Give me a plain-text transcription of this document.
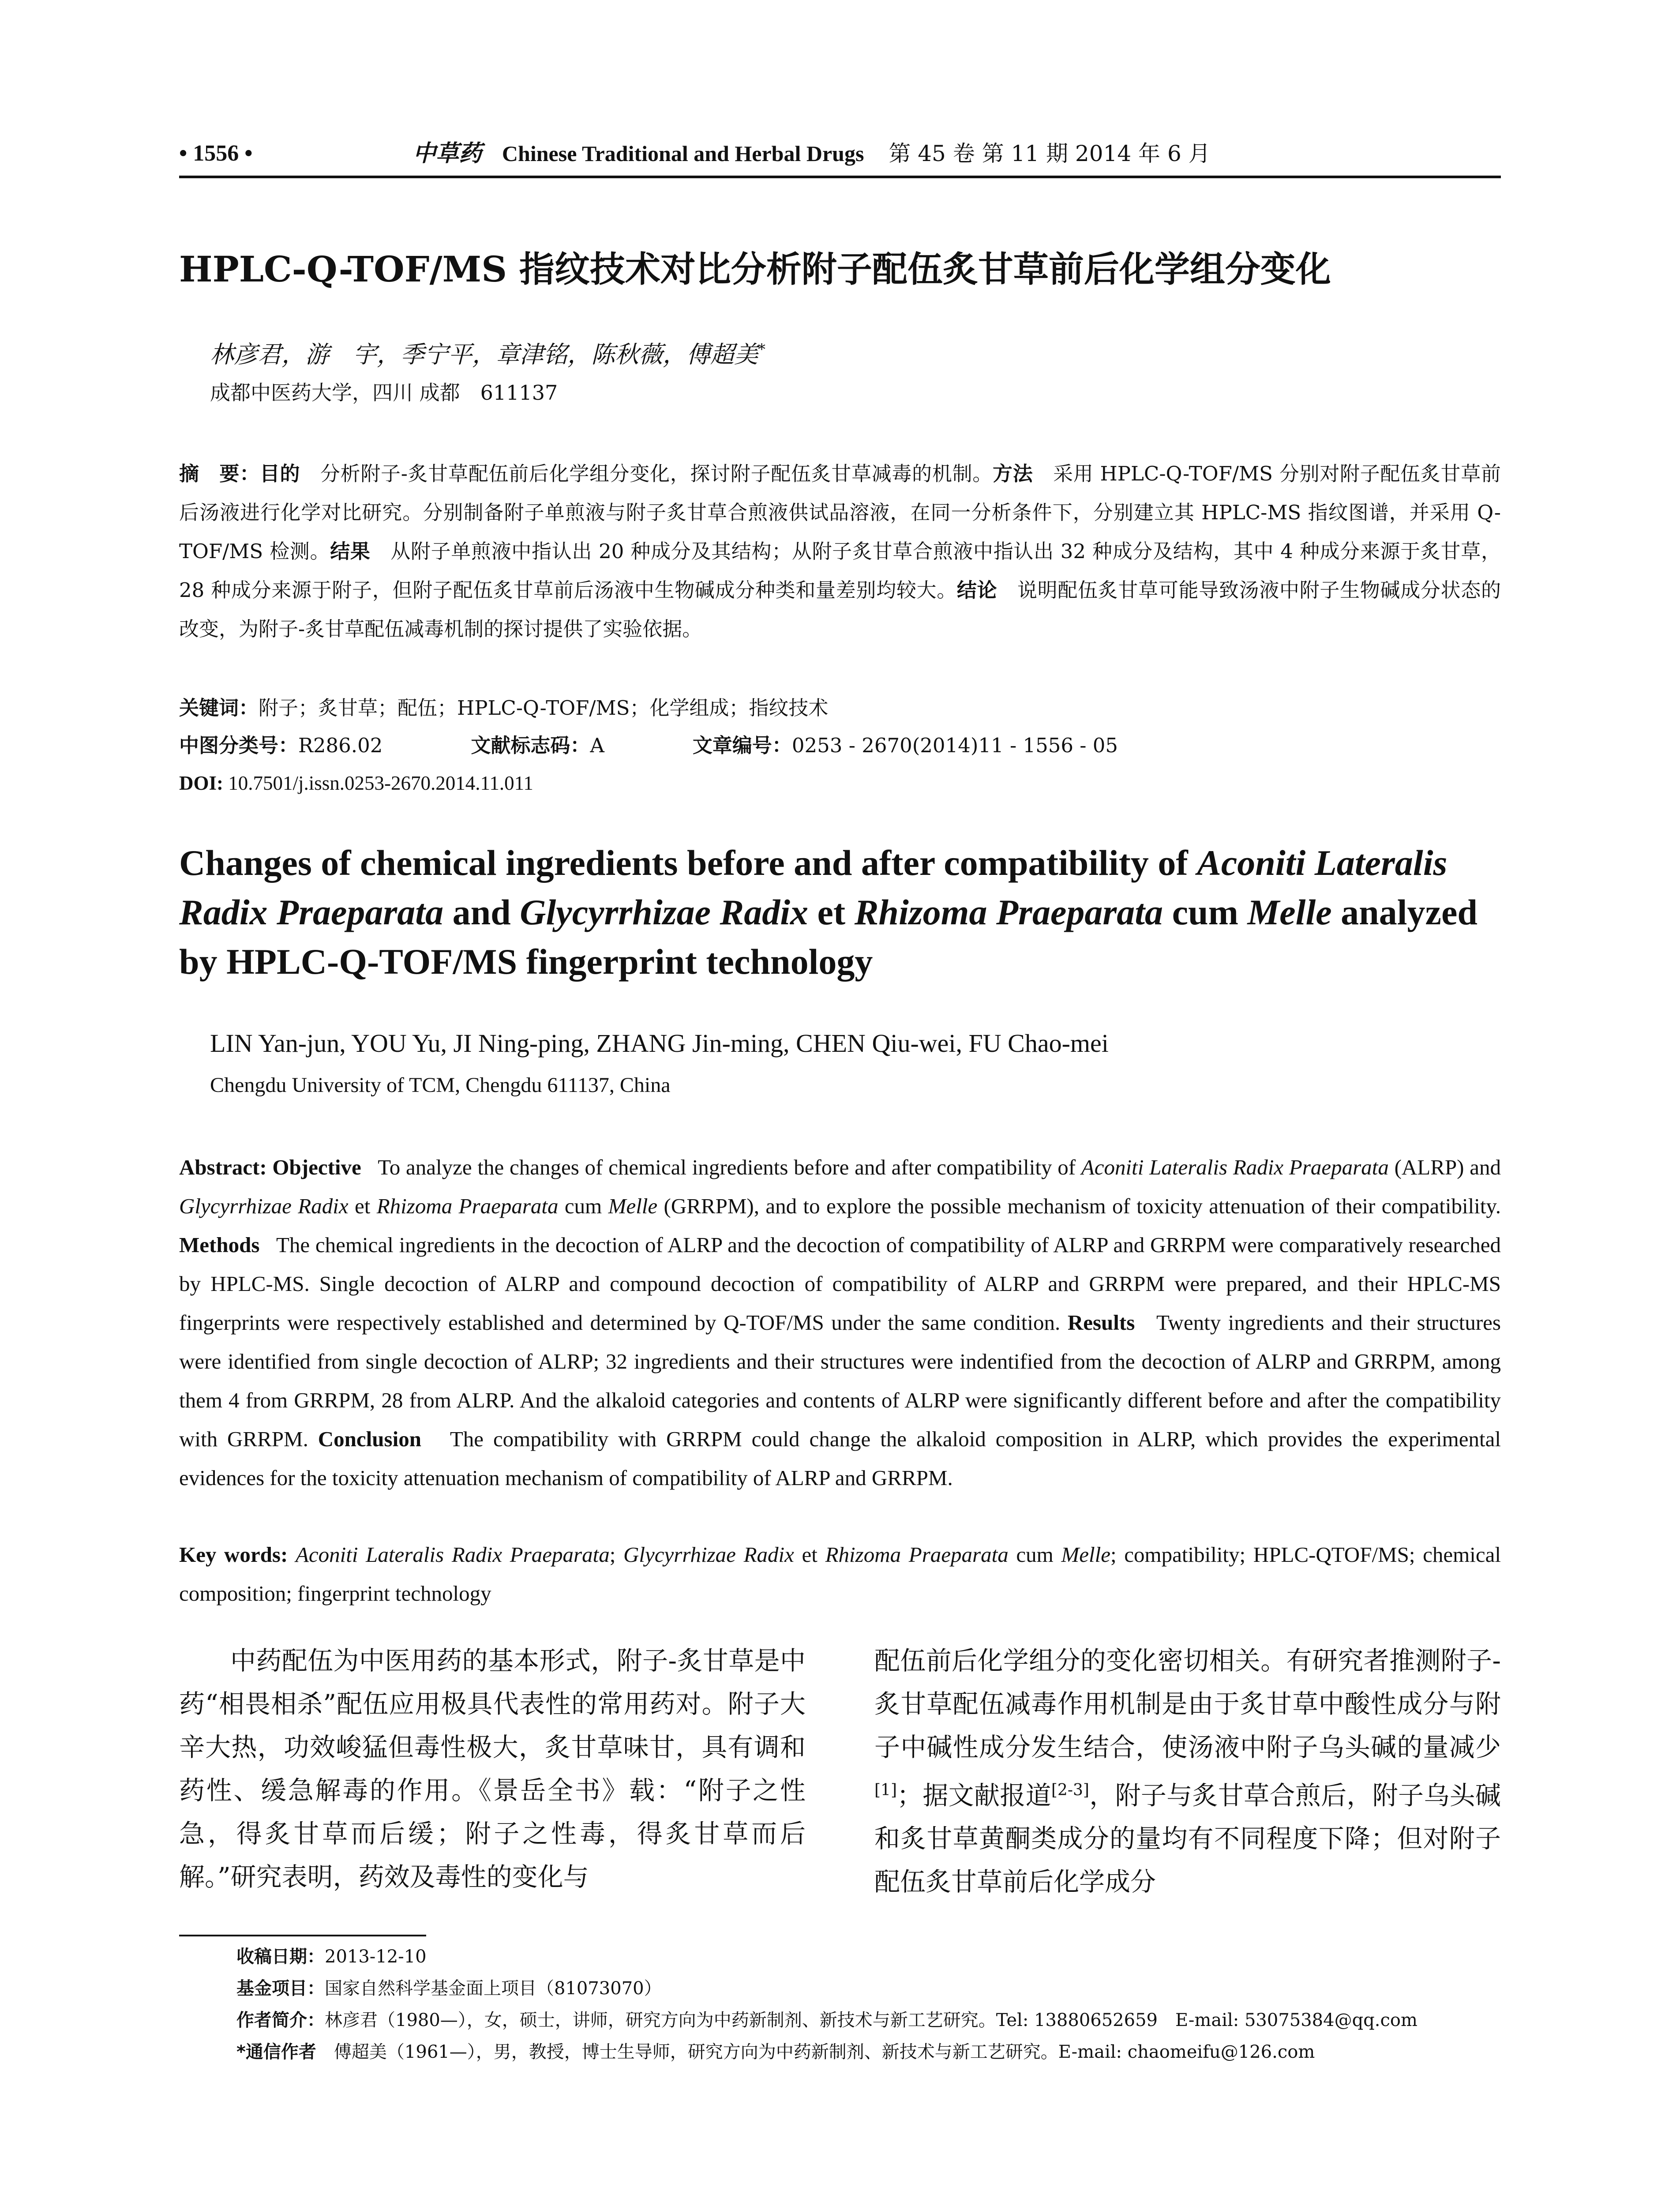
• 1556 •	中草药 Chinese Traditional and Herbal Drugs 第 45 卷 第 11 期 2014 年 6 月
HPLC-Q-TOF/MS 指纹技术对比分析附子配伍炙甘草前后化学组分变化
林彦君，游　宇，季宁平，章津铭，陈秋薇，傅超美*
成都中医药大学，四川 成都　611137
摘　要：目的　 分析附子-炙甘草配伍前后化学组分变化，探讨附子配伍炙甘草减毒的机制。方法　 采用 HPLC-Q-TOF/MS 分别对附子配伍炙甘草前后汤液进行化学对比研究。分别制备附子单煎液与附子炙甘草合煎液供试品溶液，在同一分析条件下，分别建立其 HPLC-MS 指纹图谱，并采用 Q-TOF/MS 检测。结果　 从附子单煎液中指认出 20 种成分及其结构；从附子炙甘草合煎液中指认出 32 种成分及结构，其中 4 种成分来源于炙甘草，28 种成分来源于附子，但附子配伍炙甘草前后汤液中生物碱成分种类和量差别均较大。结论　 说明配伍炙甘草可能导致汤液中附子生物碱成分状态的改变，为附子-炙甘草配伍减毒机制的探讨提供了实验依据。
关键词：附子；炙甘草；配伍；HPLC-Q-TOF/MS；化学组成；指纹技术
中图分类号：R286.02	文献标志码：A	文章编号：0253 - 2670(2014)11 - 1556 - 05
DOI: 10.7501/j.issn.0253-2670.2014.11.011
Changes of chemical ingredients before and after compatibility of Aconiti Lateralis Radix Praeparata and Glycyrrhizae Radix et Rhizoma Praeparata cum Melle analyzed by HPLC-Q-TOF/MS fingerprint technology
LIN Yan-jun, YOU Yu, JI Ning-ping, ZHANG Jin-ming, CHEN Qiu-wei, FU Chao-mei
Chengdu University of TCM, Chengdu 611137, China
Abstract: Objective To analyze the changes of chemical ingredients before and after compatibility of Aconiti Lateralis Radix Praeparata (ALRP) and Glycyrrhizae Radix et Rhizoma Praeparata cum Melle (GRRPM), and to explore the possible mechanism of toxicity attenuation of their compatibility. Methods The chemical ingredients in the decoction of ALRP and the decoction of compatibility of ALRP and GRRPM were comparatively researched by HPLC-MS. Single decoction of ALRP and compound decoction of compatibility of ALRP and GRRPM were prepared, and their HPLC-MS fingerprints were respectively established and determined by Q-TOF/MS under the same condition. Results Twenty ingredients and their structures were identified from single decoction of ALRP; 32 ingredients and their structures were indentified from the decoction of ALRP and GRRPM, among them 4 from GRRPM, 28 from ALRP. And the alkaloid categories and contents of ALRP were significantly different before and after the compatibility with GRRPM. Conclusion The compatibility with GRRPM could change the alkaloid composition in ALRP, which provides the experimental evidences for the toxicity attenuation mechanism of compatibility of ALRP and GRRPM.
Key words: Aconiti Lateralis Radix Praeparata; Glycyrrhizae Radix et Rhizoma Praeparata cum Melle; compatibility; HPLC-QTOF/MS; chemical composition; fingerprint technology
中药配伍为中医用药的基本形式，附子-炙甘草是中药“相畏相杀”配伍应用极具代表性的常用药对。附子大辛大热，功效峻猛但毒性极大，炙甘草味甘，具有调和药性、缓急解毒的作用。《景岳全书》载：“附子之性急，得炙甘草而后缓；附子之性毒，得炙甘草而后解。”研究表明，药效及毒性的变化与
配伍前后化学组分的变化密切相关。有研究者推测附子-炙甘草配伍减毒作用机制是由于炙甘草中酸性成分与附子中碱性成分发生结合，使汤液中附子乌头碱的量减少[1]；据文献报道[2-3]，附子与炙甘草合煎后，附子乌头碱和炙甘草黄酮类成分的量均有不同程度下降；但对附子配伍炙甘草前后化学成分
收稿日期：2013-12-10
基金项目：国家自然科学基金面上项目（81073070）
作者简介：林彦君（1980—），女，硕士，讲师，研究方向为中药新制剂、新技术与新工艺研究。Tel: 13880652659　E-mail: 53075384@qq.com
*通信作者　 傅超美（1961—），男，教授，博士生导师，研究方向为中药新制剂、新技术与新工艺研究。E-mail: chaomeifu@126.com
